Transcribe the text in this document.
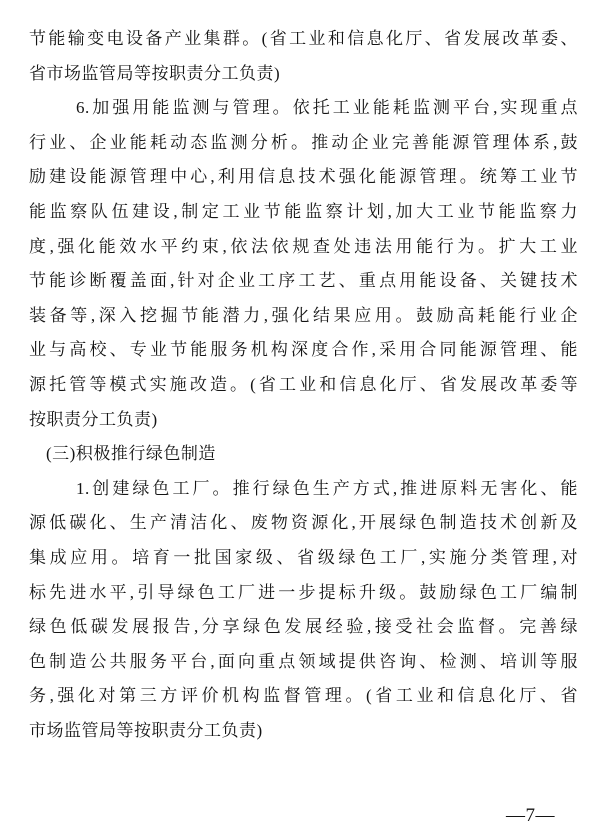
节能输变电设备产业集群。(省工业和信息化厅、省发展改革委、
省市场监管局等按职责分工负责)
6.加强用能监测与管理。依托工业能耗监测平台,实现重点
行业、企业能耗动态监测分析。推动企业完善能源管理体系,鼓
励建设能源管理中心,利用信息技术强化能源管理。统筹工业节
能监察队伍建设,制定工业节能监察计划,加大工业节能监察力
度,强化能效水平约束,依法依规查处违法用能行为。扩大工业
节能诊断覆盖面,针对企业工序工艺、重点用能设备、关键技术
装备等,深入挖掘节能潜力,强化结果应用。鼓励高耗能行业企
业与高校、专业节能服务机构深度合作,采用合同能源管理、能
源托管等模式实施改造。(省工业和信息化厅、省发展改革委等
按职责分工负责)
(三)积极推行绿色制造
1.创建绿色工厂。推行绿色生产方式,推进原料无害化、能
源低碳化、生产清洁化、废物资源化,开展绿色制造技术创新及
集成应用。培育一批国家级、省级绿色工厂,实施分类管理,对
标先进水平,引导绿色工厂进一步提标升级。鼓励绿色工厂编制
绿色低碳发展报告,分享绿色发展经验,接受社会监督。完善绿
色制造公共服务平台,面向重点领域提供咨询、检测、培训等服
务,强化对第三方评价机构监督管理。(省工业和信息化厅、省
市场监管局等按职责分工负责)
—7—
